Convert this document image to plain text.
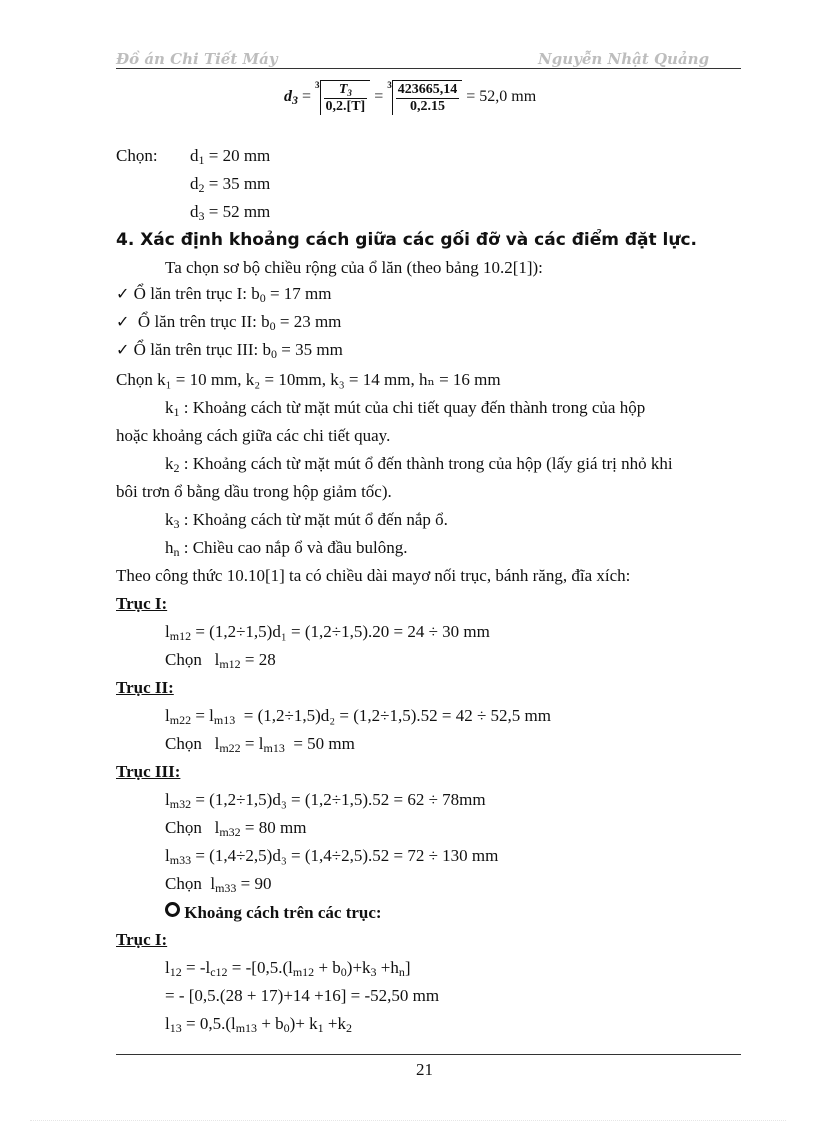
Đồ án Chi Tiết Máy	Nguyễn Nhật Quảng
$d_3 = ^3 \frac{T_3}{0,2.[T]} = ^3 \frac{423665,14}{0,2.15} = 52,0$ mm
Chọn: $d_1 = 20$ mm
$d_2 = 35$ mm
$d_3 = 52$ mm
4. Xác định khoảng cách giữa các gối đỡ và các điểm đặt lực.
Ta chọn sơ bộ chiều rộng của ổ lăn (theo bảng 10.2[1]):
✓ Ổ lăn trên trục I: $b_0 = 17$ mm
✓  Ổ lăn trên trục II: $b_0 = 23$ mm
✓ Ổ lăn trên trục III: $b_0 = 35$ mm
Chọn k₁ = 10 mm, k₂ = 10mm, k₃ = 14 mm, hₙ = 16 mm
$k_1$ : Khoảng cách từ mặt mút của chi tiết quay đến thành trong của hộp
hoặc khoảng cách giữa các chi tiết quay.
$k_2$ : Khoảng cách từ mặt mút ổ đến thành trong của hộp (lấy giá trị nhỏ khi
bôi trơn ổ bằng dầu trong hộp giảm tốc).
$k_3$ : Khoảng cách từ mặt mút ổ đến nắp ổ.
$h_n$ : Chiều cao nắp ổ và đầu bulông.
Theo công thức 10.10[1] ta có chiều dài mayơ nối trục, bánh răng, đĩa xích:
Trục I:
$l_{m12} = (1,2\div 1,5)d_1 = (1,2\div 1,5).20 = 24 \div 30$ mm
Chọn   $l_{m12} = 28$
Trục II:
$l_{m22} = l_{m13} = (1,2\div 1,5)d_2 = (1,2\div 1,5).52 = 42 \div 52,5$ mm
Chọn   $l_{m22} = l_{m13} = 50$ mm
Trục III:
$l_{m32} = (1,2\div 1,5)d_3 = (1,2\div 1,5).52 = 62 \div 78mm$
Chọn   $l_{m32} = 80$ mm
$l_{m33} = (1,4\div 2,5)d_3 = (1,4\div 2,5).52 = 72 \div 130$ mm
Chọn  $l_{m33} = 90$
Khoảng cách trên các trục:
Trục I:
$l_{12} = -l_{c12} = -[0,5.(l_{m12} + b_0)+k_3 +h_n]$
= - [0,5.(28 + 17)+14 +16] = -52,50 mm
$l_{13} = 0,5.(l_{m13} + b_0)+ k_1 +k_2$
21
